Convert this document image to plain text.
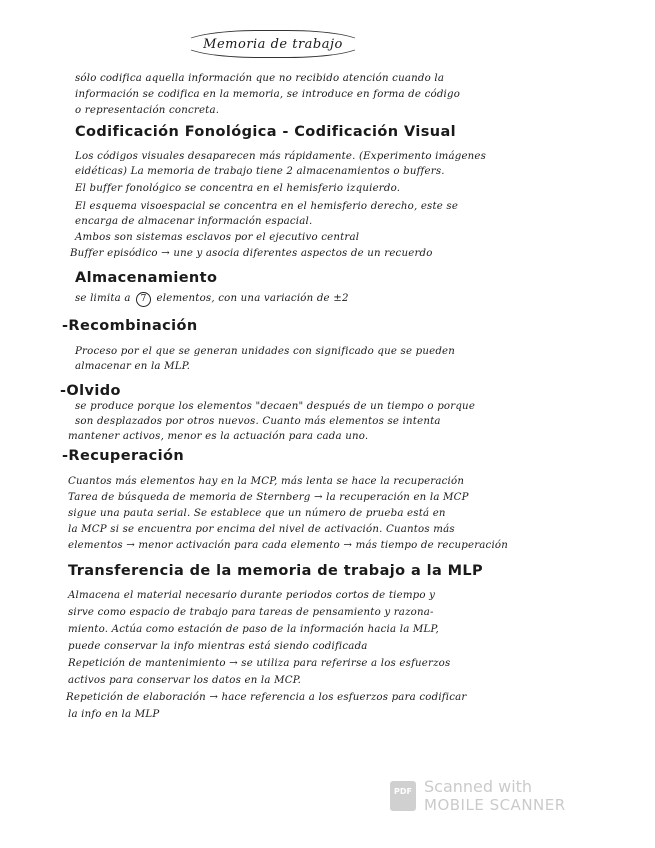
Memoria de trabajo
sólo codifica aquella información que no recibido atención cuando la
información se codifica en la memoria, se introduce en forma de código
o representación concreta.
Codificación Fonológica - Codificación Visual
Los códigos visuales desaparecen más rápidamente. (Experimento imágenes
eidéticas) La memoria de trabajo tiene 2 almacenamientos o buffers.
El buffer fonológico se concentra en el hemisferio izquierdo.
El esquema visoespacial se concentra en el hemisferio derecho, este se
encarga de almacenar información espacial.
Ambos son sistemas esclavos por el ejecutivo central
Buffer episódico → une y asocia diferentes aspectos de un recuerdo
Almacenamiento
se limita a 7 elementos, con una variación de ±2
-Recombinación
Proceso por el que se generan unidades con significado que se pueden
almacenar en la MLP.
-Olvido
se produce porque los elementos "decaen" después de un tiempo o porque
son desplazados por otros nuevos. Cuanto más elementos se intenta
mantener activos, menor es la actuación para cada uno.
-Recuperación
Cuantos más elementos hay en la MCP, más lenta se hace la recuperación
Tarea de búsqueda de memoria de Sternberg → la recuperación en la MCP
sigue una pauta serial. Se establece que un número de prueba está en
la MCP si se encuentra por encima del nivel de activación. Cuantos más
elementos → menor activación para cada elemento → más tiempo de recuperación
Transferencia de la memoria de trabajo a la MLP
Almacena el material necesario durante periodos cortos de tiempo y
sirve como espacio de trabajo para tareas de pensamiento y razona-
miento. Actúa como estación de paso de la información hacia la MLP,
puede conservar la info mientras está siendo codificada
Repetición de mantenimiento → se utiliza para referirse a los esfuerzos
activos para conservar los datos en la MCP.
Repetición de elaboración → hace referencia a los esfuerzos para codificar
la info en la MLP
PDF Scanned with
MOBILE SCANNER
